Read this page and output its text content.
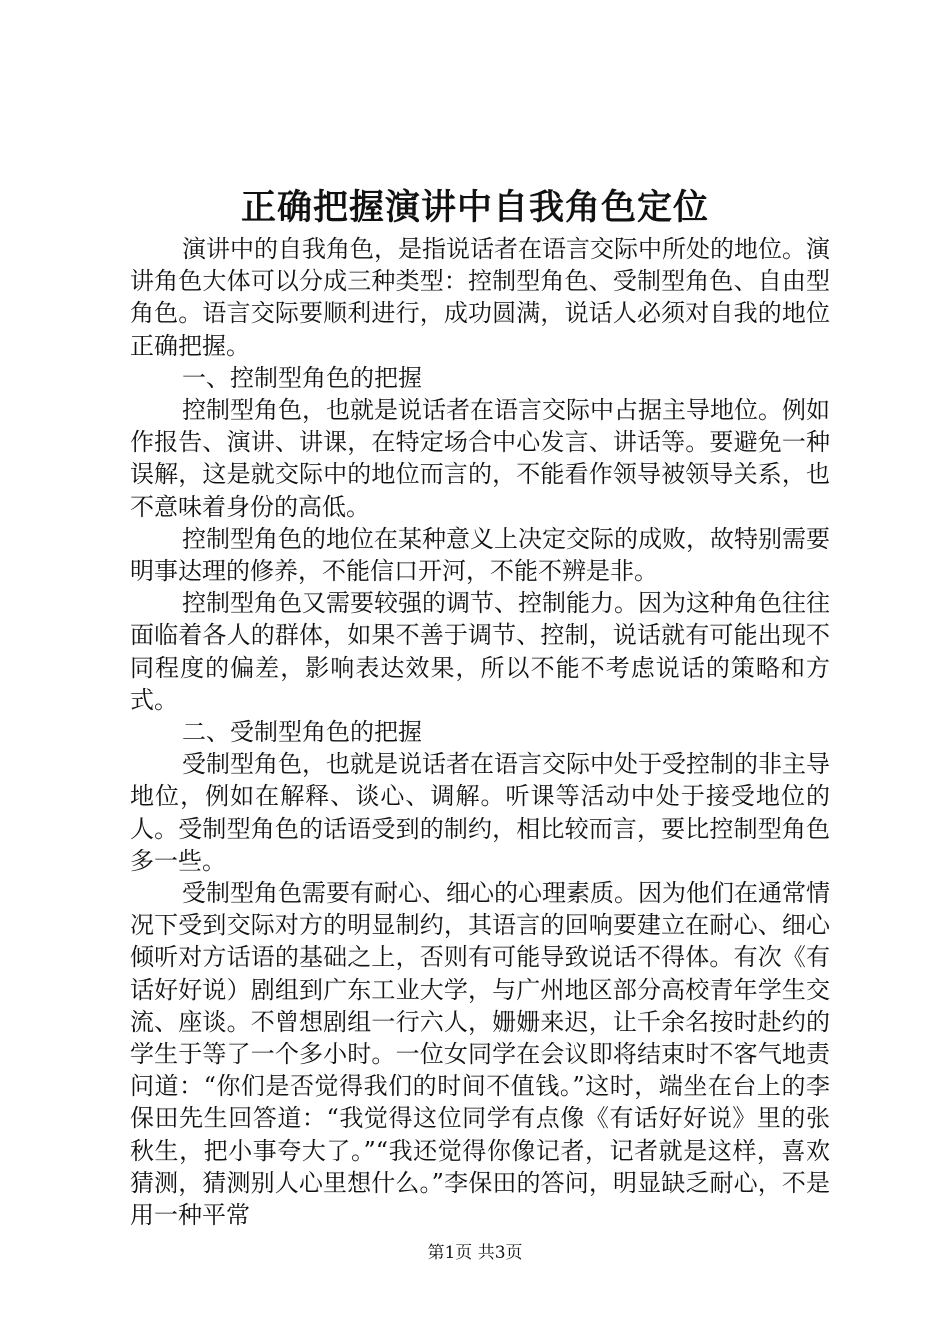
正确把握演讲中自我角色定位

演讲中的自我角色，是指说话者在语言交际中所处的地位。演讲角色大体可以分成三种类型：控制型角色、受制型角色、自由型角色。语言交际要顺利进行，成功圆满，说话人必须对自我的地位正确把握。

一、控制型角色的把握

控制型角色，也就是说话者在语言交际中占据主导地位。例如作报告、演讲、讲课，在特定场合中心发言、讲话等。要避免一种误解，这是就交际中的地位而言的，不能看作领导被领导关系，也不意味着身份的高低。

控制型角色的地位在某种意义上决定交际的成败，故特别需要明事达理的修养，不能信口开河，不能不辨是非。

控制型角色又需要较强的调节、控制能力。因为这种角色往往面临着各人的群体，如果不善于调节、控制，说话就有可能出现不同程度的偏差，影响表达效果，所以不能不考虑说话的策略和方式。

二、受制型角色的把握

受制型角色，也就是说话者在语言交际中处于受控制的非主导地位，例如在解释、谈心、调解。听课等活动中处于接受地位的人。受制型角色的话语受到的制约，相比较而言，要比控制型角色多一些。

受制型角色需要有耐心、细心的心理素质。因为他们在通常情况下受到交际对方的明显制约，其语言的回响要建立在耐心、细心倾听对方话语的基础之上，否则有可能导致说话不得体。有次《有话好好说）剧组到广东工业大学，与广州地区部分高校青年学生交流、座谈。不曾想剧组一行六人，姗姗来迟，让千余名按时赴约的学生于等了一个多小时。一位女同学在会议即将结束时不客气地责问道：“你们是否觉得我们的时间不值钱。”这时，端坐在台上的李保田先生回答道：“我觉得这位同学有点像《有话好好说》里的张秋生，把小事夸大了。”“我还觉得你像记者，记者就是这样，喜欢猜测，猜测别人心里想什么。”李保田的答问，明显缺乏耐心，不是用一种平常

第1页 共3页
